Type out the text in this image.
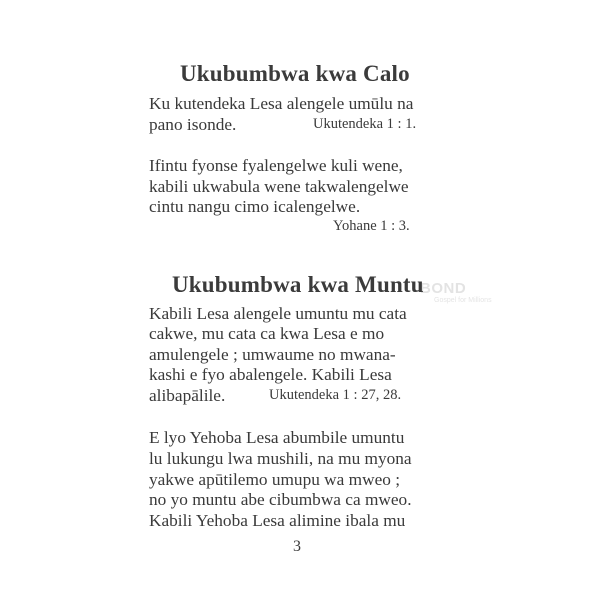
Ukubumbwa kwa Calo
Ku kutendeka Lesa alengele umūlu na
pano isonde.	Ukutendeka 1 : 1.
Ifintu fyonse fyalengelwe kuli wene,
kabili ukwabula wene takwalengelwe
cintu nangu cimo icalengelwe.
Yohane 1 : 3.
Ukubumbwa kwa Muntu
Kabili Lesa alengele umuntu mu cata
cakwe, mu cata ca kwa Lesa e mo
amulengele ; umwaume no mwana-
kashi e fyo abalengele. Kabili Lesa
alibapālile.	Ukutendeka 1 : 27, 28.
E lyo Yehoba Lesa abumbile umuntu
lu lukungu lwa mushili, na mu myona
yakwe apūtilemo umupu wa mweo ;
no yo muntu abe cibumbwa ca mweo.
Kabili Yehoba Lesa alimine ibala mu
3
BOND
Gospel for Millions
